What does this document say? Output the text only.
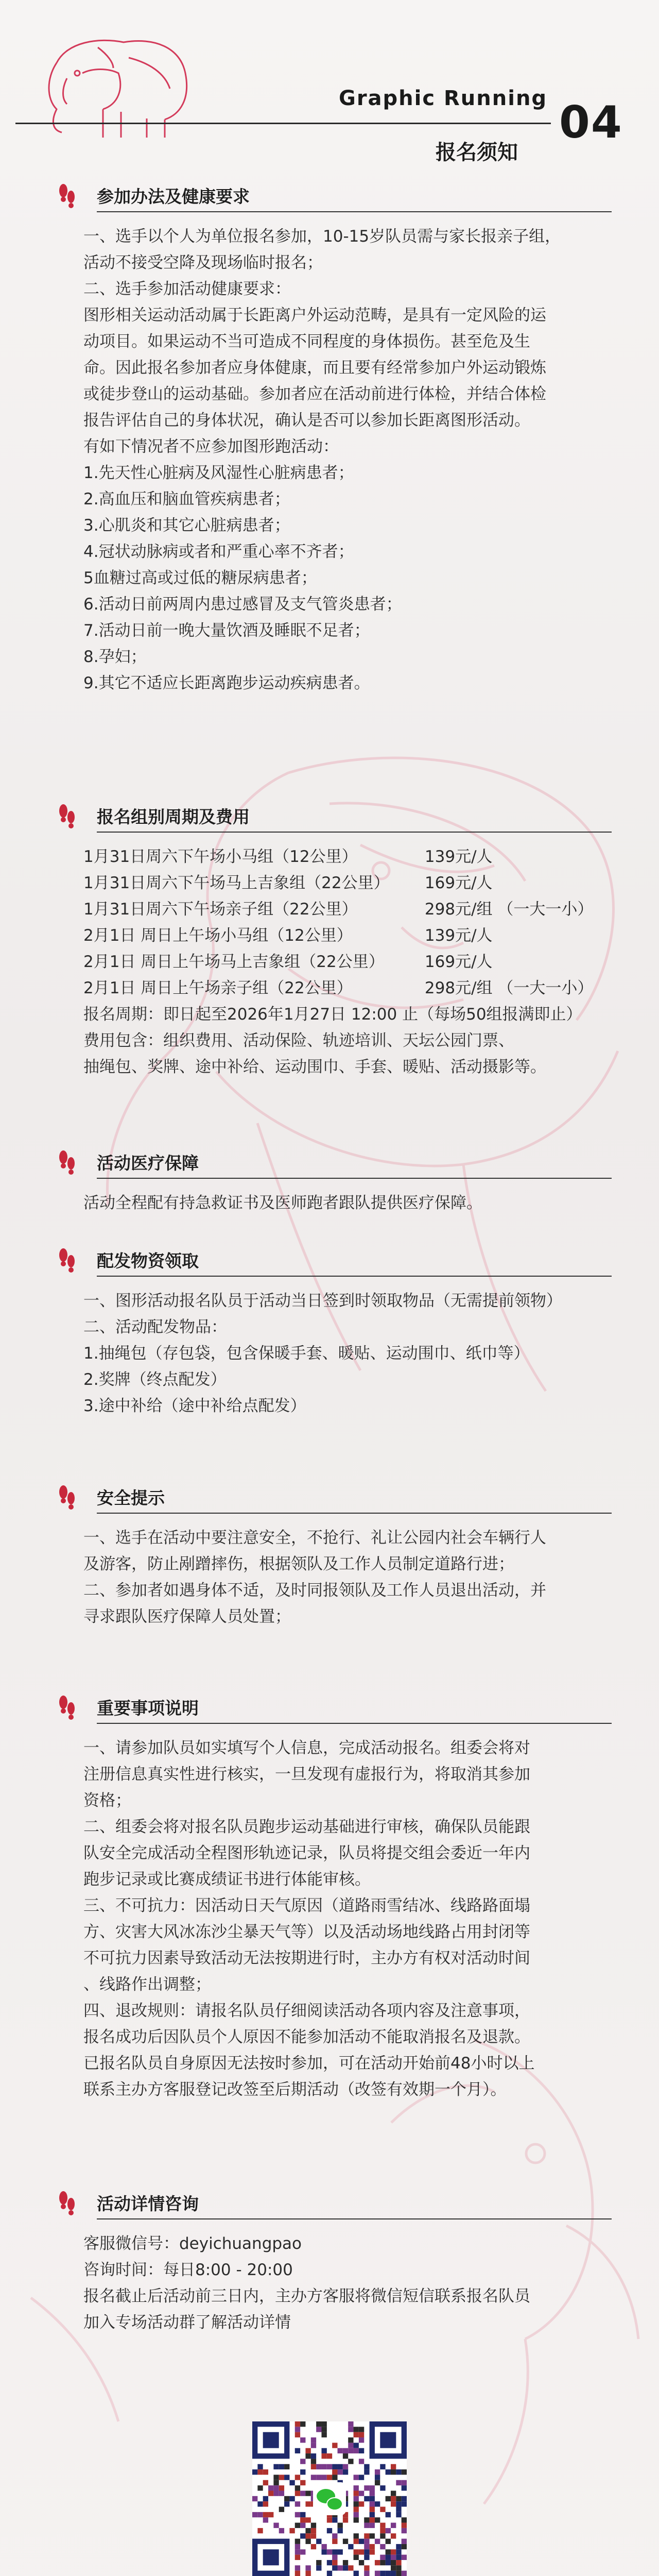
Graphic Running
报名须知
04
参加办法及健康要求

一、选手以个人为单位报名参加，10-15岁队员需与家长报亲子组，

活动不接受空降及现场临时报名；

二、选手参加活动健康要求：

图形相关运动活动属于长距离户外运动范畴，是具有一定风险的运

动项目。如果运动不当可造成不同程度的身体损伤。甚至危及生

命。因此报名参加者应身体健康，而且要有经常参加户外运动锻炼

或徒步登山的运动基础。参加者应在活动前进行体检，并结合体检

报告评估自己的身体状况，确认是否可以参加长距离图形活动。

有如下情况者不应参加图形跑活动：

1.先天性心脏病及风湿性心脏病患者；

2.高血压和脑血管疾病患者；

3.心肌炎和其它心脏病患者；

4.冠状动脉病或者和严重心率不齐者；

5血糖过高或过低的糖尿病患者；

6.活动日前两周内患过感冒及支气管炎患者；

7.活动日前一晚大量饮酒及睡眠不足者；

8.孕妇；

9.其它不适应长距离跑步运动疾病患者。

报名组别周期及费用
1月31日周六下午场小马组（12公里）	139元/人
1月31日周六下午场马上吉象组（22公里）	169元/人
1月31日周六下午场亲子组（22公里）	298元/组 （一大一小）
2月1日 周日上午场小马组（12公里）	139元/人
2月1日 周日上午场马上吉象组（22公里）	169元/人
2月1日 周日上午场亲子组（22公里）	298元/组 （一大一小）

报名周期：即日起至2026年1月27日 12:00 止（每场50组报满即止）

费用包含：组织费用、活动保险、轨迹培训、天坛公园门票、

抽绳包、奖牌、途中补给、运动围巾、手套、暖贴、活动摄影等。

活动医疗保障

活动全程配有持急救证书及医师跑者跟队提供医疗保障。

配发物资领取

一、图形活动报名队员于活动当日签到时领取物品（无需提前领物）

二、活动配发物品：

1.抽绳包（存包袋，包含保暖手套、暖贴、运动围巾、纸巾等）

2.奖牌（终点配发）

3.途中补给（途中补给点配发）

安全提示

一、选手在活动中要注意安全，不抢行、礼让公园内社会车辆行人

及游客，防止剐蹭摔伤，根据领队及工作人员制定道路行进；

二、参加者如遇身体不适，及时同报领队及工作人员退出活动，并

寻求跟队医疗保障人员处置；

重要事项说明

一、请参加队员如实填写个人信息，完成活动报名。组委会将对

注册信息真实性进行核实，一旦发现有虚报行为，将取消其参加

资格；

二、组委会将对报名队员跑步运动基础进行审核，确保队员能跟

队安全完成活动全程图形轨迹记录，队员将提交组会委近一年内

跑步记录或比赛成绩证书进行体能审核。

三、不可抗力：因活动日天气原因（道路雨雪结冰、线路路面塌

方、灾害大风冰冻沙尘暴天气等）以及活动场地线路占用封闭等

不可抗力因素导致活动无法按期进行时，主办方有权对活动时间

、线路作出调整；

四、退改规则：请报名队员仔细阅读活动各项内容及注意事项，

报名成功后因队员个人原因不能参加活动不能取消报名及退款。

已报名队员自身原因无法按时参加，可在活动开始前48小时以上

联系主办方客服登记改签至后期活动（改签有效期一个月）。

活动详情咨询

客服微信号：deyichuangpao

咨询时间：每日8:00 - 20:00

报名截止后活动前三日内，主办方客服将微信短信联系报名队员

加入专场活动群了解活动详情
